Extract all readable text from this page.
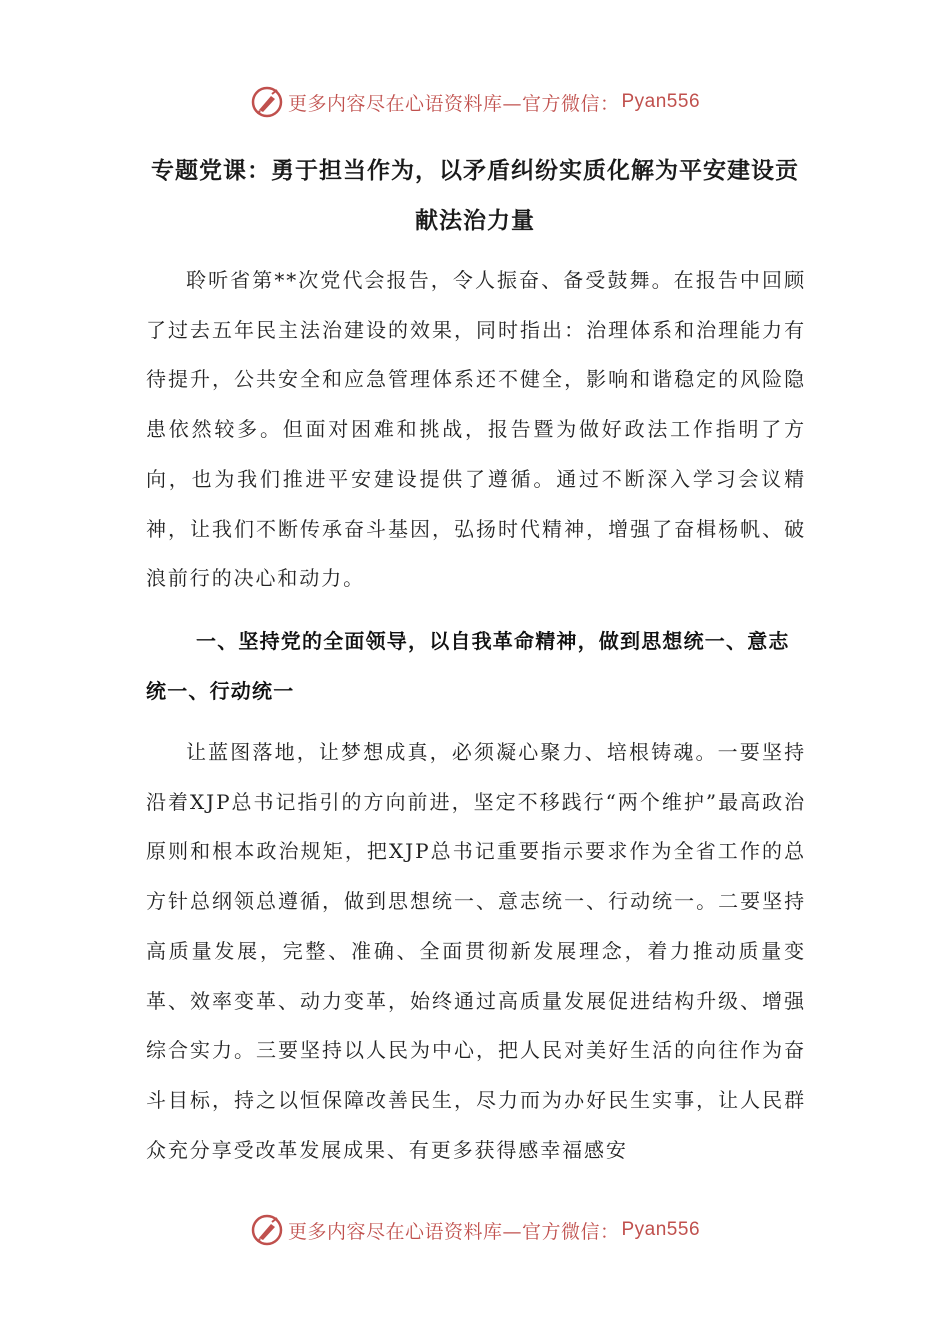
更多内容尽在心语资料库—官方微信： Pyan556
专题党课：勇于担当作为，以矛盾纠纷实质化解为平安建设贡献法治力量

聆听省第**次党代会报告，令人振奋、备受鼓舞。在报告中回顾了过去五年民主法治建设的效果，同时指出：治理体系和治理能力有待提升，公共安全和应急管理体系还不健全，影响和谐稳定的风险隐患依然较多。但面对困难和挑战，报告暨为做好政法工作指明了方向，也为我们推进平安建设提供了遵循。通过不断深入学习会议精神，让我们不断传承奋斗基因，弘扬时代精神，增强了奋楫杨帆、破浪前行的决心和动力。

一、坚持党的全面领导，以自我革命精神，做到思想统一、意志统一、行动统一

让蓝图落地，让梦想成真，必须凝心聚力、培根铸魂。一要坚持沿着XJP总书记指引的方向前进，坚定不移践行“两个维护”最高政治原则和根本政治规矩，把XJP总书记重要指示要求作为全省工作的总方针总纲领总遵循，做到思想统一、意志统一、行动统一。二要坚持高质量发展，完整、准确、全面贯彻新发展理念，着力推动质量变革、效率变革、动力变革，始终通过高质量发展促进结构升级、增强综合实力。三要坚持以人民为中心，把人民对美好生活的向往作为奋斗目标，持之以恒保障改善民生，尽力而为办好民生实事，让人民群众充分享受改革发展成果、有更多获得感幸福感安

更多内容尽在心语资料库—官方微信： Pyan556
